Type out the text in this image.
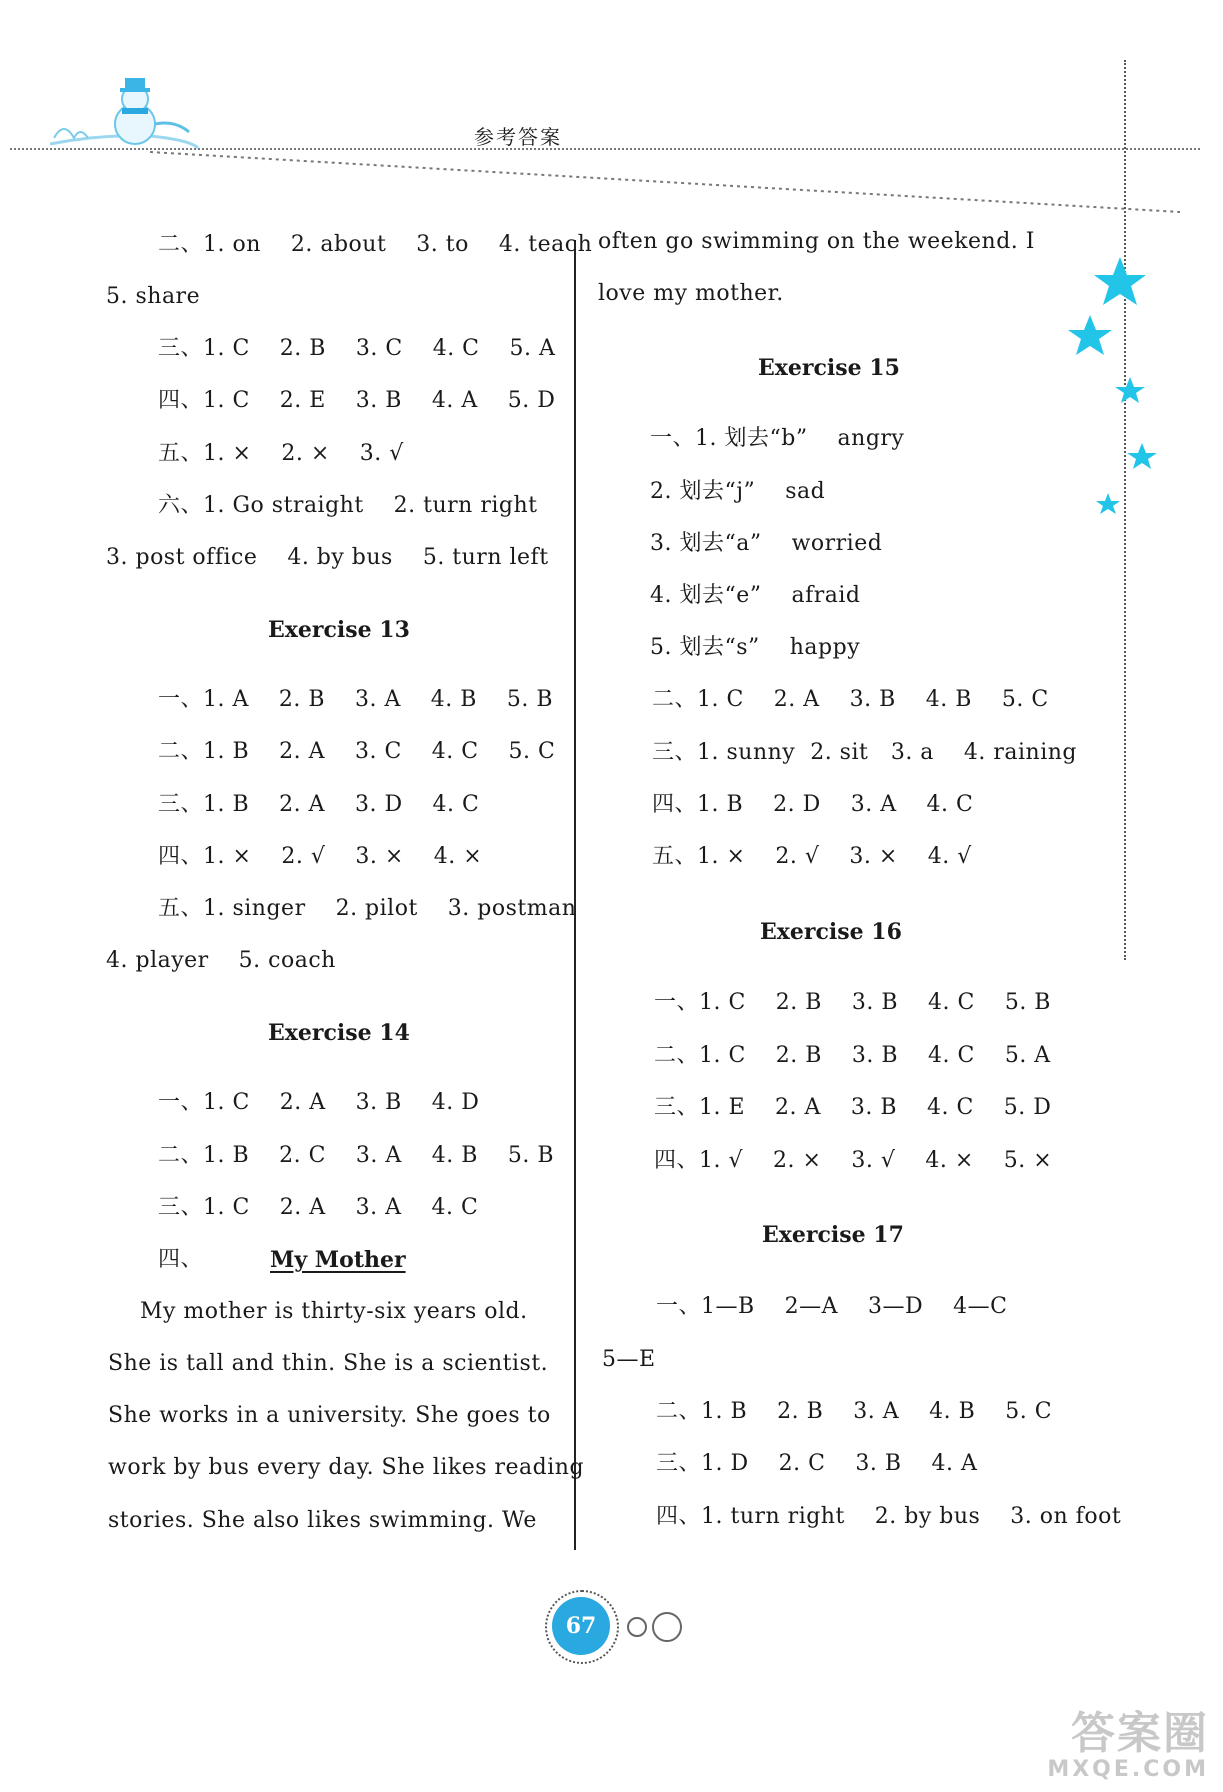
参考答案
二、1. on    2. about    3. to    4. teach
5. share
三、1. C    2. B    3. C    4. C    5. A
四、1. C    2. E    3. B    4. A    5. D
五、1. ×    2. ×    3. √
六、1. Go straight    2. turn right
3. post office    4. by bus    5. turn left
Exercise 13
一、1. A    2. B    3. A    4. B    5. B
二、1. B    2. A    3. C    4. C    5. C
三、1. B    2. A    3. D    4. C
四、1. ×    2. √    3. ×    4. ×
五、1. singer    2. pilot    3. postman
4. player    5. coach
Exercise 14
一、1. C    2. A    3. B    4. D
二、1. B    2. C    3. A    4. B    5. B
三、1. C    2. A    3. A    4. C
四、	My Mother
My mother is thirty-six years old.
She is tall and thin. She is a scientist.
She works in a university. She goes to
work by bus every day. She likes reading
stories. She also likes swimming. We
often go swimming on the weekend. I
love my mother.
Exercise 15
一、1. 划去“b”    angry
2. 划去“j”    sad
3. 划去“a”    worried
4. 划去“e”    afraid
5. 划去“s”    happy
二、1. C    2. A    3. B    4. B    5. C
三、1. sunny  2. sit   3. a    4. raining
四、1. B    2. D    3. A    4. C
五、1. ×    2. √    3. ×    4. √
Exercise 16
一、1. C    2. B    3. B    4. C    5. B
二、1. C    2. B    3. B    4. C    5. A
三、1. E    2. A    3. B    4. C    5. D
四、1. √    2. ×    3. √    4. ×    5. ×
Exercise 17
一、1—B    2—A    3—D    4—C
5—E
二、1. B    2. B    3. A    4. B    5. C
三、1. D    2. C    3. B    4. A
四、1. turn right    2. by bus    3. on foot
67
答案圈
MXQE.COM
